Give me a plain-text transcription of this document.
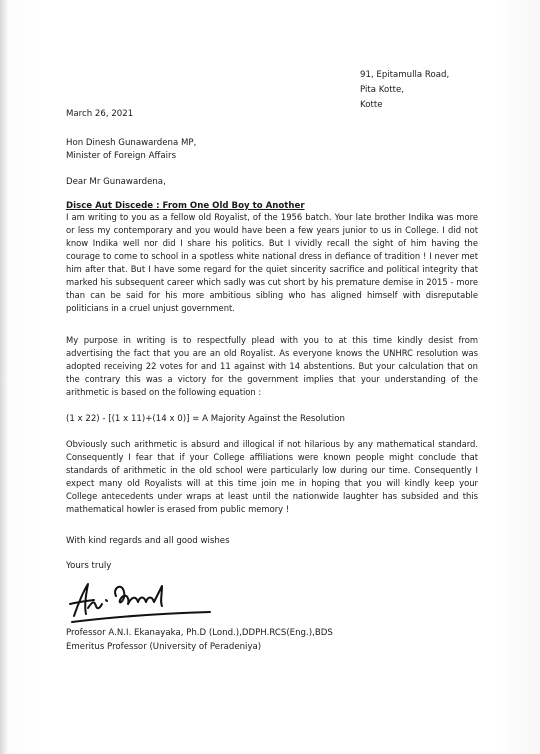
91, Epitamulla Road,
Pita Kotte,
Kotte
March 26, 2021
Hon Dinesh Gunawardena MP,
Minister of Foreign Affairs
Dear Mr Gunawardena,
Disce Aut Discede : From One Old Boy to Another
I am writing to you as a fellow old Royalist, of the 1956 batch. Your late brother Indika was more or less my contemporary and you would have been a few years junior to us in College. I did not know Indika well nor did I share his politics. But I vividly recall the sight of him having the courage to come to school in a spotless white national dress in defiance of tradition ! I never met him after that. But I have some regard for the quiet sincerity sacrifice and political integrity that marked his subsequent career which sadly was cut short by his premature demise in 2015 - more than can be said for his more ambitious sibling who has aligned himself with disreputable politicians in a cruel unjust government.
My purpose in writing is to respectfully plead with you to at this time kindly desist from advertising the fact that you are an old Royalist. As everyone knows the UNHRC resolution was adopted receiving 22 votes for and 11 against with 14 abstentions. But your calculation that on the contrary this was a victory for the government implies that your understanding of the arithmetic is based on the following equation :
(1 x 22) - [(1 x 11)+(14 x 0)] = A Majority Against the Resolution
Obviously such arithmetic is absurd and illogical if not hilarious by any mathematical standard. Consequently I fear that if your College affiliations were known people might conclude that standards of arithmetic in the old school were particularly low during our time. Consequently I expect many old Royalists will at this time join me in hoping that you will kindly keep your College antecedents under wraps at least until the nationwide laughter has subsided and this mathematical howler is erased from public memory !
With kind regards and all good wishes
Yours truly
Professor A.N.I. Ekanayaka, Ph.D (Lond.),DDPH.RCS(Eng.),BDS
Emeritus Professor (University of Peradeniya)
